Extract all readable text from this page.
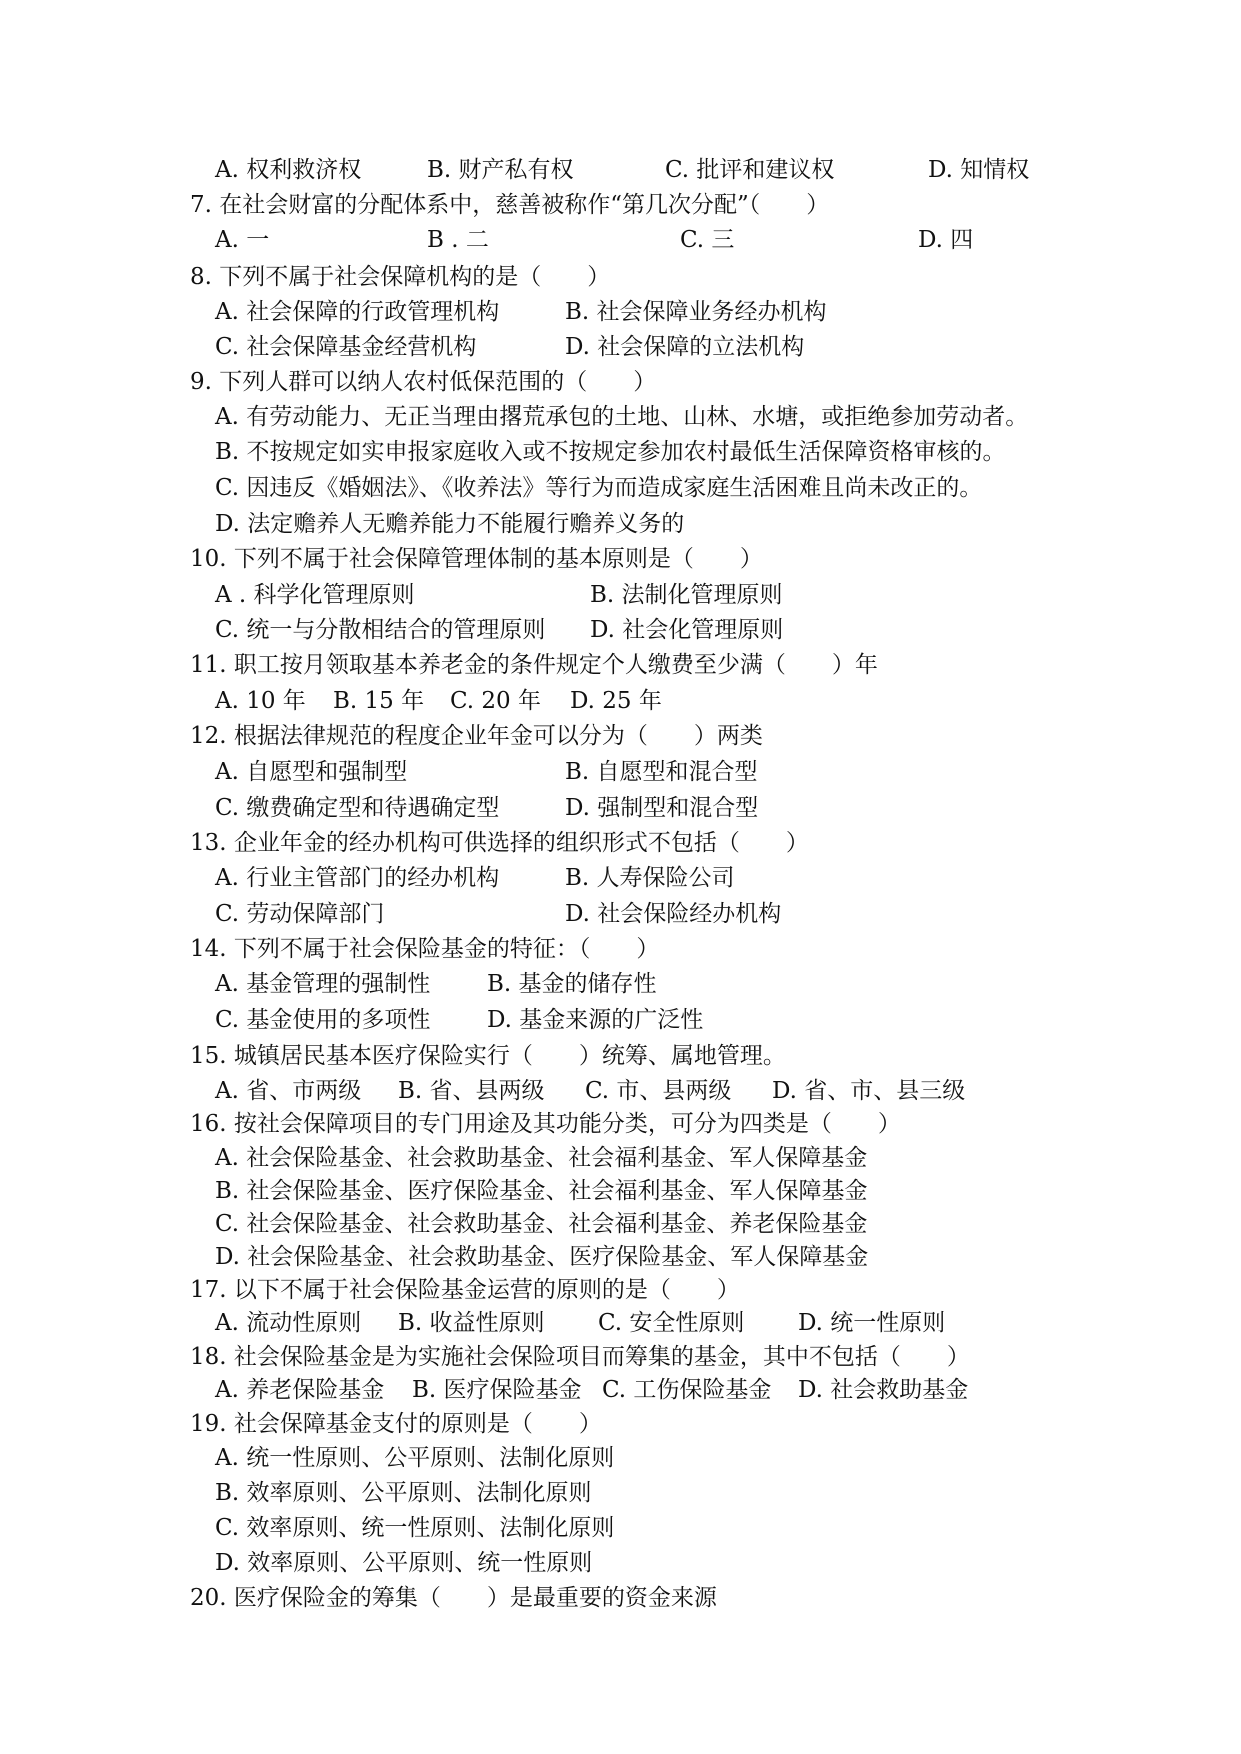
A. 权利救济权	B. 财产私有权	C. 批评和建议权	D. 知情权
7. 在社会财富的分配体系中，慈善被称作“第几次分配”（　　）
A. 一	B . 二	C. 三	D. 四
8. 下列不属于社会保障机构的是（　　）
A. 社会保障的行政管理机构	B. 社会保障业务经办机构
C. 社会保障基金经营机构	D. 社会保障的立法机构
9. 下列人群可以纳人农村低保范围的（　　）
A. 有劳动能力、无正当理由撂荒承包的土地、山林、水塘，或拒绝参加劳动者。
B. 不按规定如实申报家庭收入或不按规定参加农村最低生活保障资格审核的。
C. 因违反《婚姻法》、《收养法》等行为而造成家庭生活困难且尚未改正的。
D. 法定赡养人无赡养能力不能履行赡养义务的
10. 下列不属于社会保障管理体制的基本原则是（　　）
A . 科学化管理原则	B. 法制化管理原则
C. 统一与分散相结合的管理原则 D. 社会化管理原则
11. 职工按月领取基本养老金的条件规定个人缴费至少满（　　）年
A. 10 年 B. 15 年 C. 20 年 D. 25 年
12. 根据法律规范的程度企业年金可以分为（　　）两类
A. 自愿型和强制型	B. 自愿型和混合型
C. 缴费确定型和待遇确定型	D. 强制型和混合型
13. 企业年金的经办机构可供选择的组织形式不包括（　　）
A. 行业主管部门的经办机构	B. 人寿保险公司
C. 劳动保障部门	D. 社会保险经办机构
14. 下列不属于社会保险基金的特征：（　　）
A. 基金管理的强制性 B. 基金的储存性
C. 基金使用的多项性 D. 基金来源的广泛性
15. 城镇居民基本医疗保险实行（　　）统筹、属地管理。
A. 省、市两级 B. 省、县两级 C. 市、县两级 D. 省、市、县三级
16. 按社会保障项目的专门用途及其功能分类，可分为四类是（　　）
A. 社会保险基金、社会救助基金、社会福利基金、军人保障基金
B. 社会保险基金、医疗保险基金、社会福利基金、军人保障基金
C. 社会保险基金、社会救助基金、社会福利基金、养老保险基金
D. 社会保险基金、社会救助基金、医疗保险基金、军人保障基金
17. 以下不属于社会保险基金运营的原则的是（　　）
A. 流动性原则 B. 收益性原则 C. 安全性原则 D. 统一性原则
18. 社会保险基金是为实施社会保险项目而筹集的基金，其中不包括（　　）
A. 养老保险基金 B. 医疗保险基金 C. 工伤保险基金 D. 社会救助基金
19. 社会保障基金支付的原则是（　　）
A. 统一性原则、公平原则、法制化原则
B. 效率原则、公平原则、法制化原则
C. 效率原则、统一性原则、法制化原则
D. 效率原则、公平原则、统一性原则
20. 医疗保险金的筹集（　　）是最重要的资金来源
